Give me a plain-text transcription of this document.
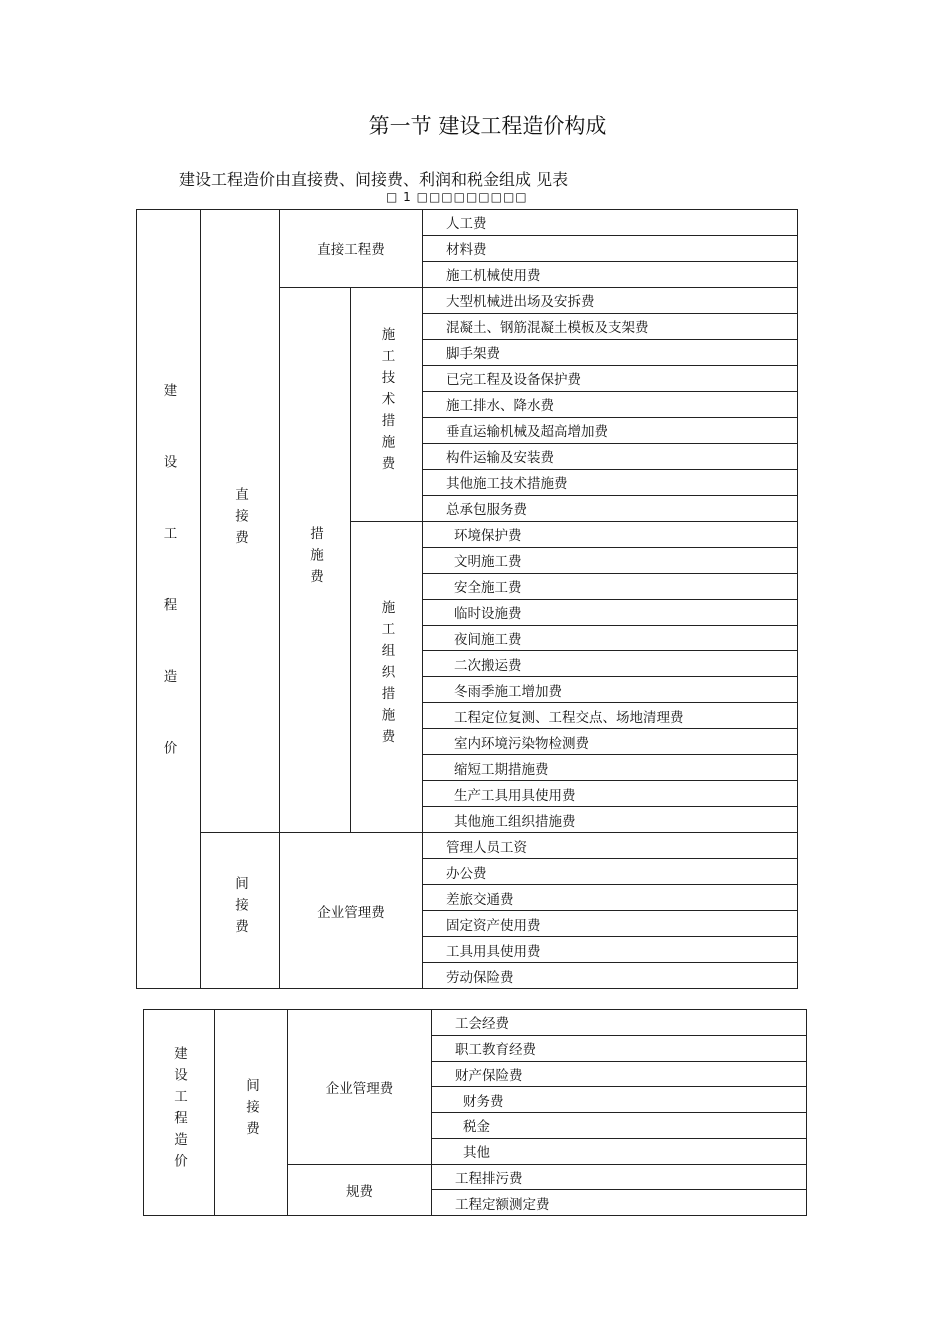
第一节 建设工程造价构成
建设工程造价由直接费、间接费、利润和税金组成 见表
□ 1 □□□□□□□□□
建设工程造价	直接费	直接工程费		人工费
				材料费
				施工机械使用费
		措施费	施工技术措施费	大型机械进出场及安拆费
				混凝土、钢筋混凝土模板及支架费
				脚手架费
				已完工程及设备保护费
				施工排水、降水费
				垂直运输机械及超高增加费
				构件运输及安装费
				其他施工技术措施费
				总承包服务费
			施工组织措施费	环境保护费
				文明施工费
				安全施工费
				临时设施费
				夜间施工费
				二次搬运费
				冬雨季施工增加费
				工程定位复测、工程交点、场地清理费
				室内环境污染物检测费
				缩短工期措施费
				生产工具用具使用费
				其他施工组织措施费
	间接费	企业管理费		管理人员工资
				办公费
				差旅交通费
				固定资产使用费
				工具用具使用费
				劳动保险费
建设工程造价	间接费	企业管理费	工会经费
			职工教育经费
			财产保险费
			财务费
			税金
			其他
		规费	工程排污费
			工程定额测定费
